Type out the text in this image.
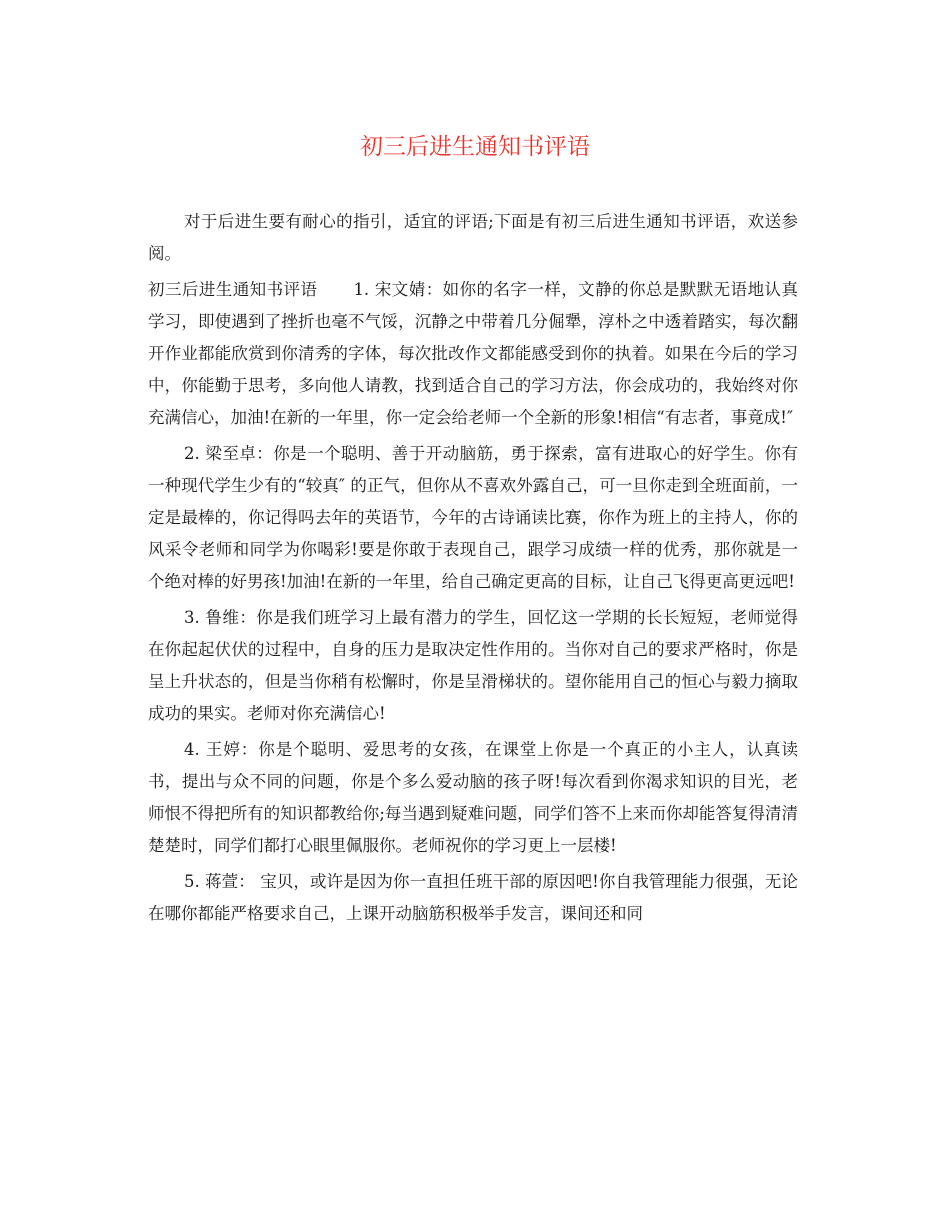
初三后进生通知书评语

对于后进生要有耐心的指引，适宜的评语;下面是有初三后进生通知书评语，欢送参阅。

初三后进生通知书评语 1. 宋文婧：如你的名字一样，文静的你总是默默无语地认真学习，即使遇到了挫折也毫不气馁，沉静之中带着几分倔犟，淳朴之中透着踏实，每次翻开作业都能欣赏到你清秀的字体，每次批改作文都能感受到你的执着。如果在今后的学习中，你能勤于思考，多向他人请教，找到适合自己的学习方法，你会成功的，我始终对你充满信心，加油!在新的一年里，你一定会给老师一个全新的形象!相信“有志者，事竟成!″

2. 梁至卓：你是一个聪明、善于开动脑筋，勇于探索，富有进取心的好学生。你有一种现代学生少有的“较真″ 的正气，但你从不喜欢外露自己，可一旦你走到全班面前，一定是最棒的，你记得吗去年的英语节，今年的古诗诵读比赛，你作为班上的主持人，你的风采令老师和同学为你喝彩!要是你敢于表现自己，跟学习成绩一样的优秀，那你就是一个绝对棒的好男孩!加油!在新的一年里，给自己确定更高的目标，让自己飞得更高更远吧!

3. 鲁维：你是我们班学习上最有潜力的学生，回忆这一学期的长长短短，老师觉得在你起起伏伏的过程中，自身的压力是取决定性作用的。当你对自己的要求严格时，你是呈上升状态的，但是当你稍有松懈时，你是呈滑梯状的。望你能用自己的恒心与毅力摘取成功的果实。老师对你充满信心!

4. 王婷：你是个聪明、爱思考的女孩，在课堂上你是一个真正的小主人，认真读书，提出与众不同的问题，你是个多么爱动脑的孩子呀!每次看到你渴求知识的目光，老师恨不得把所有的知识都教给你;每当遇到疑难问题，同学们答不上来而你却能答复得清清楚楚时，同学们都打心眼里佩服你。老师祝你的学习更上一层楼!

5. 蒋萱： 宝贝，或许是因为你一直担任班干部的原因吧!你自我管理能力很强，无论在哪你都能严格要求自己，上课开动脑筋积极举手发言，课间还和同
